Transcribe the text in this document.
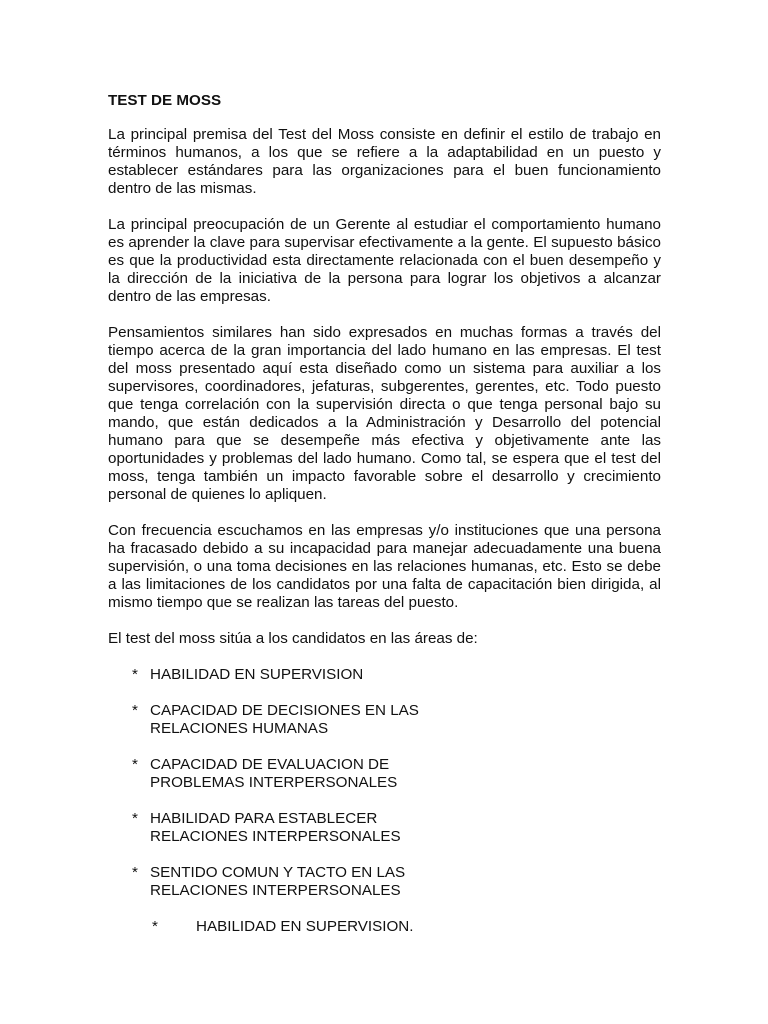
TEST DE MOSS

La principal premisa del Test del Moss consiste en definir el estilo de trabajo en términos humanos, a los que se refiere a la adaptabilidad en un puesto y establecer estándares para las organizaciones para el buen funcionamiento dentro de las mismas.

La principal preocupación de un Gerente al estudiar el comportamiento humano es aprender la clave para supervisar efectivamente a la gente. El supuesto básico es que la productividad esta directamente relacionada con el buen desempeño y la dirección de la iniciativa de la persona para lograr los objetivos a alcanzar dentro de las empresas.

Pensamientos similares han sido expresados en muchas formas a través del tiempo acerca de la gran importancia del lado humano en las empresas. El test del moss presentado aquí esta diseñado como un sistema para auxiliar a los supervisores, coordinadores, jefaturas, subgerentes, gerentes, etc. Todo puesto que tenga correlación con la supervisión directa o que tenga personal bajo su mando, que están dedicados a la Administración y Desarrollo del potencial humano para que se desempeñe más efectiva y objetivamente ante las oportunidades y problemas del lado humano. Como tal, se espera que el test del moss, tenga también un impacto favorable sobre el desarrollo y crecimiento personal de quienes lo apliquen.

Con frecuencia escuchamos en las empresas y/o instituciones que una persona ha fracasado debido a su incapacidad para manejar adecuadamente una buena supervisión, o una toma decisiones en las relaciones humanas, etc. Esto se debe a las limitaciones de los candidatos por una falta de capacitación bien dirigida, al mismo tiempo que se realizan las tareas del puesto.

El test del moss sitúa a los candidatos en las áreas de:

* HABILIDAD EN SUPERVISION
* CAPACIDAD DE DECISIONES EN LAS
RELACIONES HUMANAS
* CAPACIDAD DE EVALUACION DE
PROBLEMAS INTERPERSONALES
* HABILIDAD PARA ESTABLECER
RELACIONES INTERPERSONALES
* SENTIDO COMUN Y TACTO EN LAS
RELACIONES INTERPERSONALES
*	HABILIDAD EN SUPERVISION.
